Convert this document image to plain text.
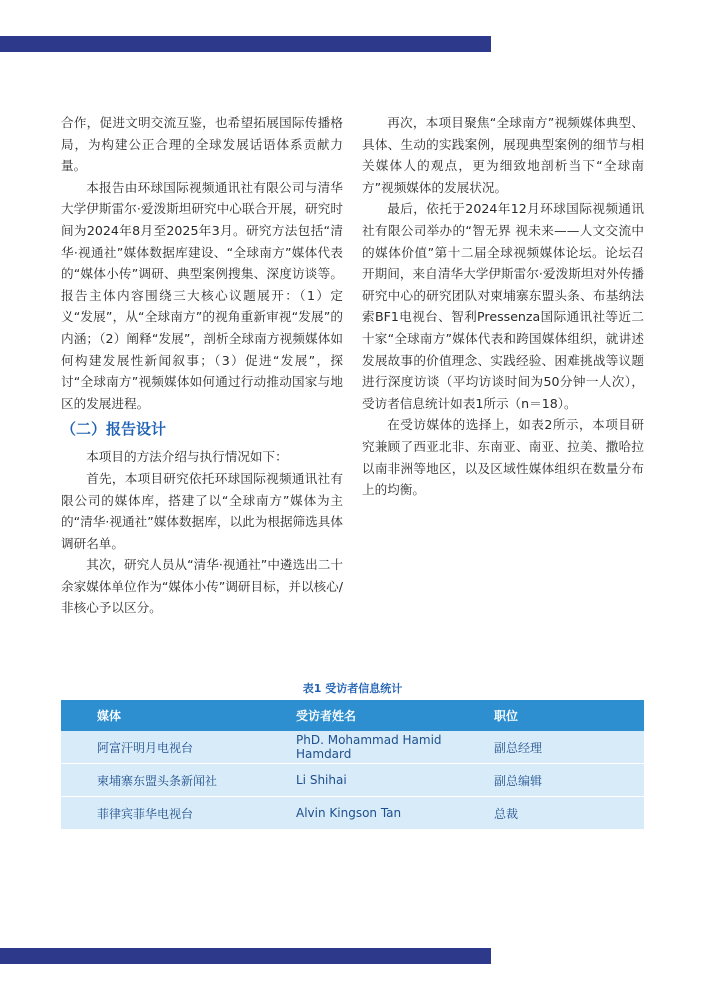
合作，促进文明交流互鉴，也希望拓展国际传播格局，为构建公正合理的全球发展话语体系贡献力量。

本报告由环球国际视频通讯社有限公司与清华大学伊斯雷尔·爱泼斯坦研究中心联合开展，研究时间为2024年8月至2025年3月。研究方法包括“清华·视通社”媒体数据库建设、“全球南方”媒体代表的“媒体小传”调研、典型案例搜集、深度访谈等。报告主体内容围绕三大核心议题展开：（1）定义“发展”，从“全球南方”的视角重新审视“发展”的内涵；（2）阐释“发展”，剖析全球南方视频媒体如何构建发展性新闻叙事；（3）促进“发展”，探讨“全球南方”视频媒体如何通过行动推动国家与地区的发展进程。

（二）报告设计

本项目的方法介绍与执行情况如下：

首先，本项目研究依托环球国际视频通讯社有限公司的媒体库，搭建了以“全球南方”媒体为主的“清华·视通社”媒体数据库，以此为根据筛选具体调研名单。

其次，研究人员从“清华·视通社”中遴选出二十余家媒体单位作为“媒体小传”调研目标，并以核心/非核心予以区分。

再次，本项目聚焦“全球南方”视频媒体典型、具体、生动的实践案例，展现典型案例的细节与相关媒体人的观点，更为细致地剖析当下“全球南方”视频媒体的发展状况。

最后，依托于2024年12月环球国际视频通讯社有限公司举办的“智无界 视未来——人文交流中的媒体价值”第十二届全球视频媒体论坛。论坛召开期间，来自清华大学伊斯雷尔·爱泼斯坦对外传播研究中心的研究团队对柬埔寨东盟头条、布基纳法索BF1电视台、智利Pressenza国际通讯社等近二十家“全球南方”媒体代表和跨国媒体组织，就讲述发展故事的价值理念、实践经验、困难挑战等议题进行深度访谈（平均访谈时间为50分钟一人次），受访者信息统计如表1所示（n＝18）。

在受访媒体的选择上，如表2所示，本项目研究兼顾了西亚北非、东南亚、南亚、拉美、撒哈拉以南非洲等地区，以及区域性媒体组织在数量分布上的均衡。

表1 受访者信息统计
媒体	受访者姓名	职位
阿富汗明月电视台	PhD. Mohammad Hamid Hamdard	副总经理
柬埔寨东盟头条新闻社	Li Shihai	副总编辑
菲律宾菲华电视台	Alvin Kingson Tan	总裁
